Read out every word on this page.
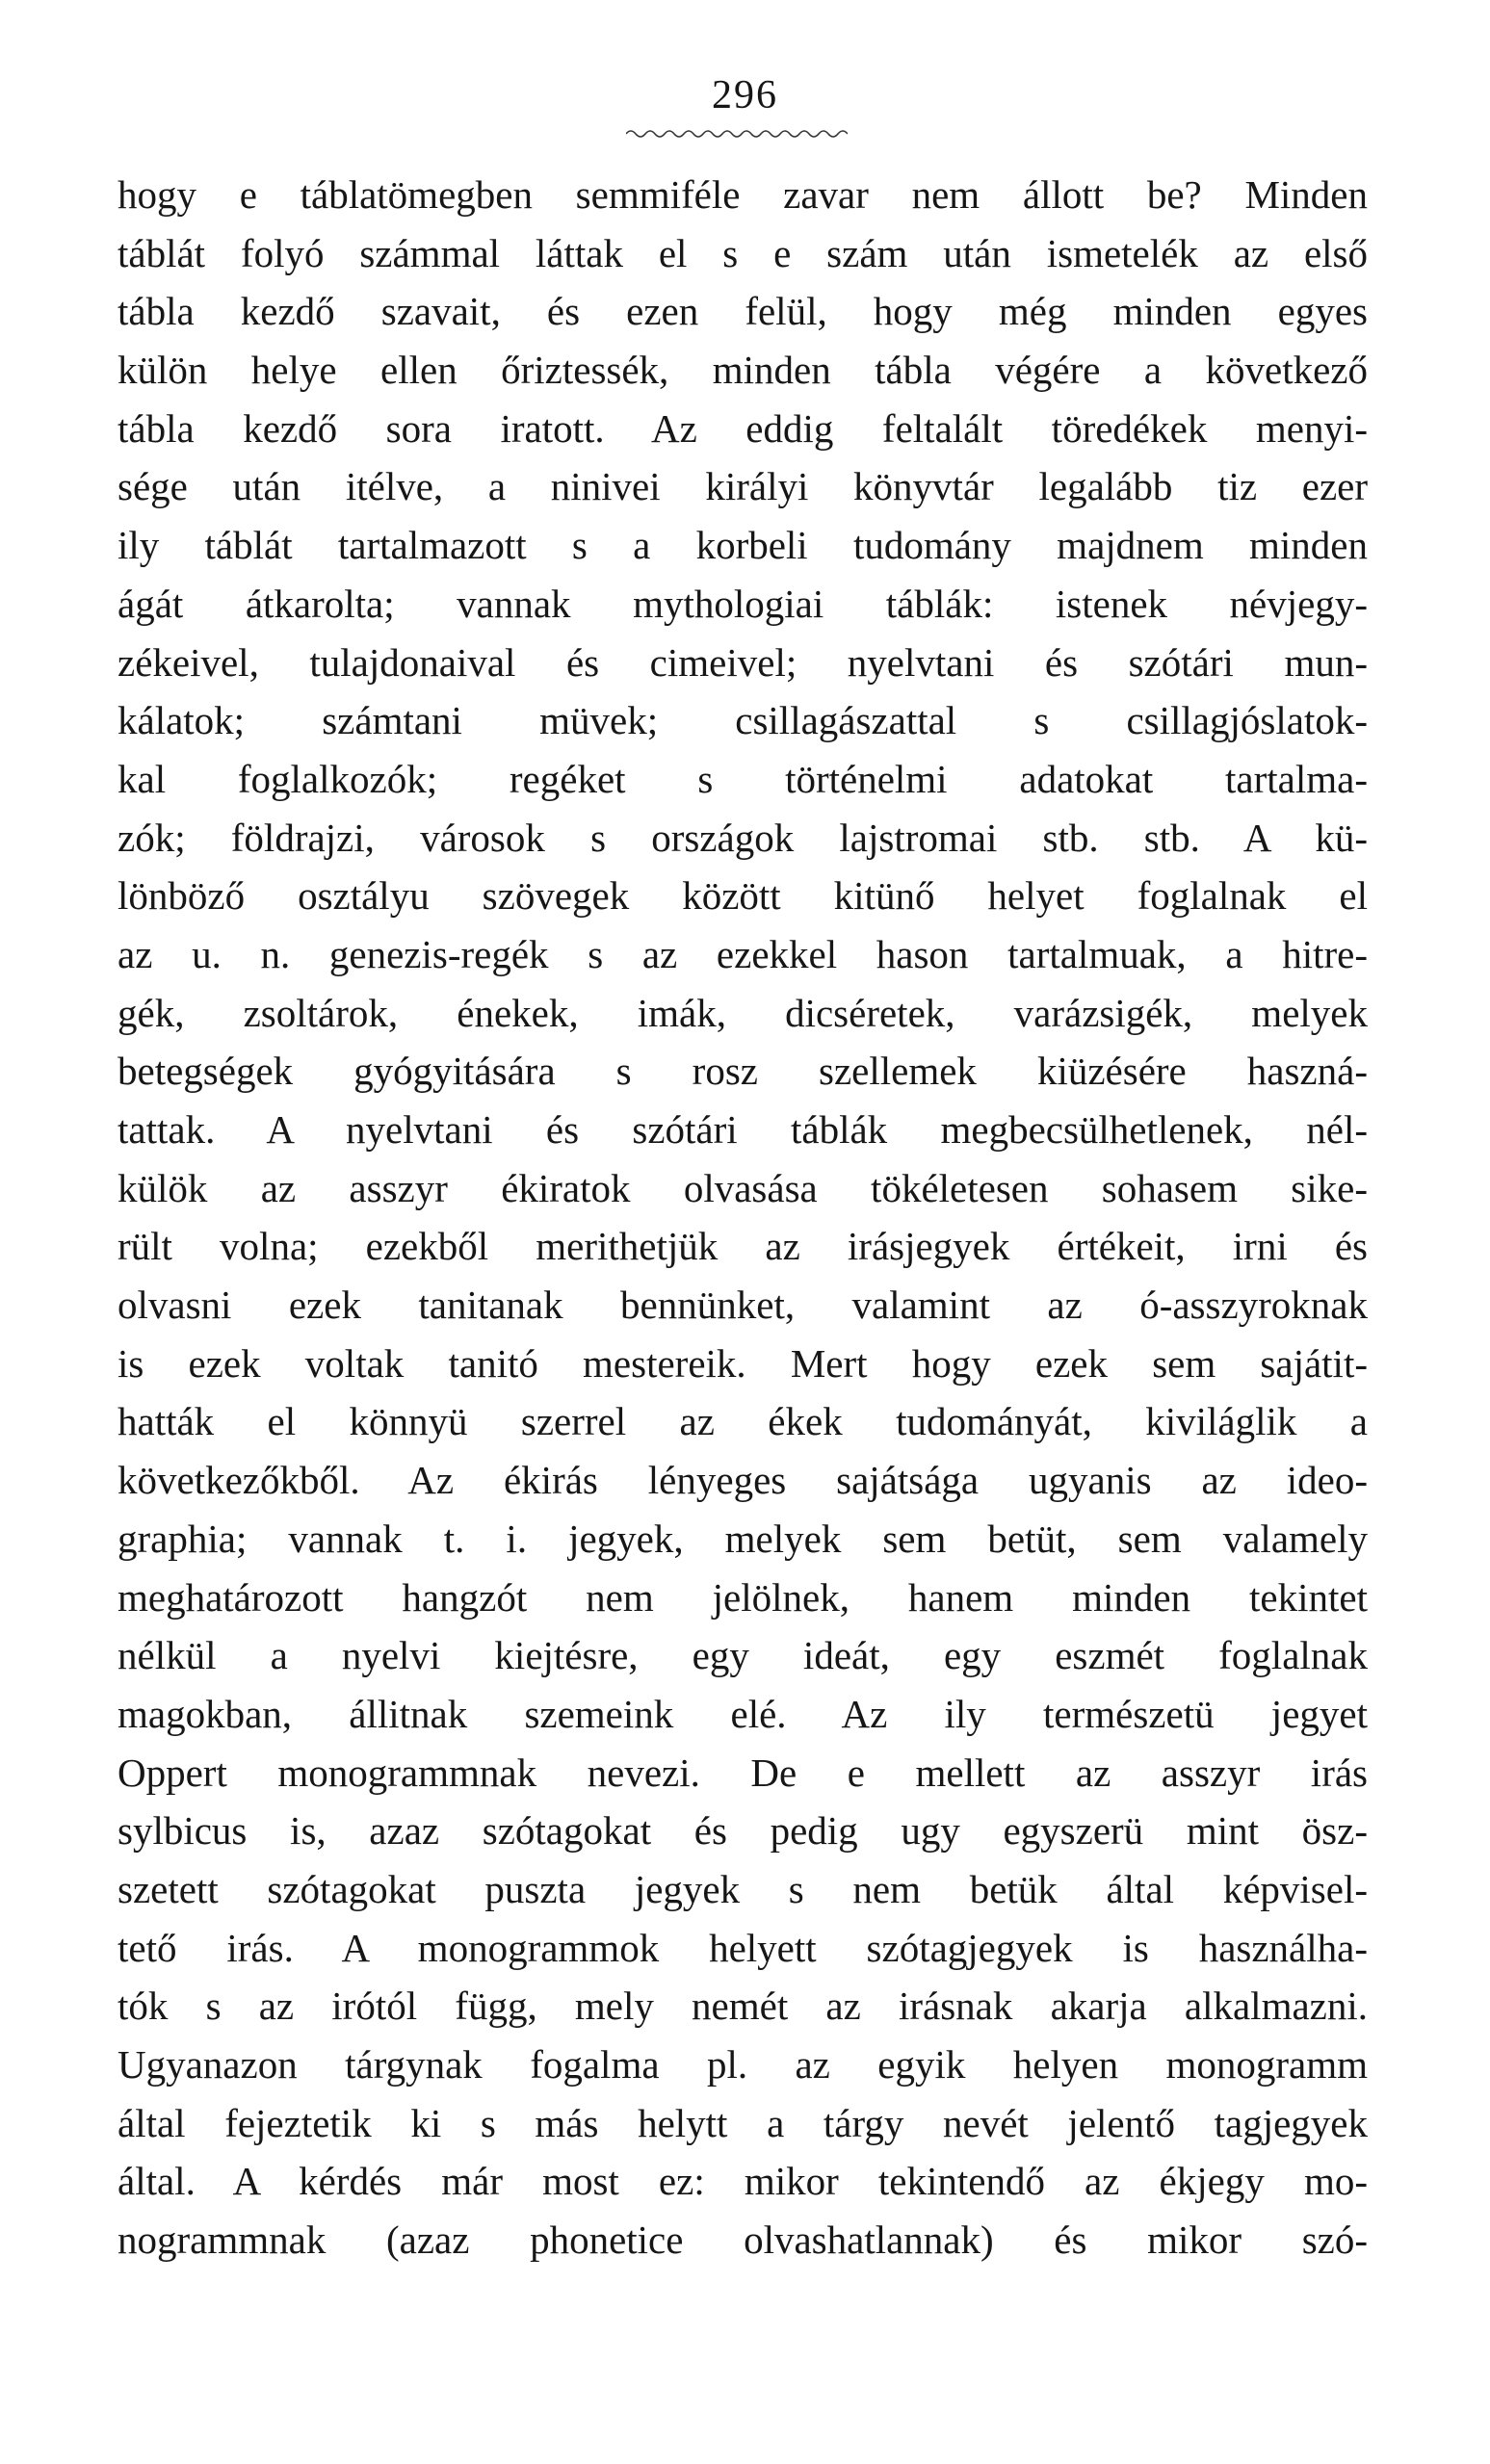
296
hogy e táblatömegben semmiféle zavar nem állott be? Minden
táblát folyó számmal láttak el s e szám után ismetelék az első
tábla kezdő szavait, és ezen felül, hogy még minden egyes
külön helye ellen őriztessék, minden tábla végére a következő
tábla kezdő sora iratott. Az eddig feltalált töredékek menyi-
sége után itélve, a ninivei királyi könyvtár legalább tiz ezer
ily táblát tartalmazott s a korbeli tudomány majdnem minden
ágát átkarolta; vannak mythologiai táblák: istenek névjegy-
zékeivel, tulajdonaival és cimeivel; nyelvtani és szótári mun-
kálatok; számtani müvek; csillagászattal s csillagjóslatok-
kal foglalkozók; regéket s történelmi adatokat tartalma-
zók; földrajzi, városok s országok lajstromai stb. stb. A kü-
lönböző osztályu szövegek között kitünő helyet foglalnak el
az u. n. genezis-regék s az ezekkel hason tartalmuak, a hitre-
gék, zsoltárok, énekek, imák, dicséretek, varázsigék, melyek
betegségek gyógyitására s rosz szellemek kiüzésére haszná-
tattak. A nyelvtani és szótári táblák megbecsülhetlenek, nél-
külök az asszyr ékiratok olvasása tökéletesen sohasem sike-
rült volna; ezekből merithetjük az irásjegyek értékeit, irni és
olvasni ezek tanitanak bennünket, valamint az ó-asszyroknak
is ezek voltak tanitó mestereik. Mert hogy ezek sem sajátit-
hatták el könnyü szerrel az ékek tudományát, kiviláglik a
következőkből. Az ékirás lényeges sajátsága ugyanis az ideo-
graphia; vannak t. i. jegyek, melyek sem betüt, sem valamely
meghatározott hangzót nem jelölnek, hanem minden tekintet
nélkül a nyelvi kiejtésre, egy ideát, egy eszmét foglalnak
magokban, állitnak szemeink elé. Az ily természetü jegyet
Oppert monogrammnak nevezi. De e mellett az asszyr irás
sylbicus is, azaz szótagokat és pedig ugy egyszerü mint ösz-
szetett szótagokat puszta jegyek s nem betük által képvisel-
tető irás. A monogrammok helyett szótagjegyek is használha-
tók s az irótól függ, mely nemét az irásnak akarja alkalmazni.
Ugyanazon tárgynak fogalma pl. az egyik helyen monogramm
által fejeztetik ki s más helytt a tárgy nevét jelentő tagjegyek
által. A kérdés már most ez: mikor tekintendő az ékjegy mo-
nogrammnak (azaz phonetice olvashatlannak) és mikor szó-
